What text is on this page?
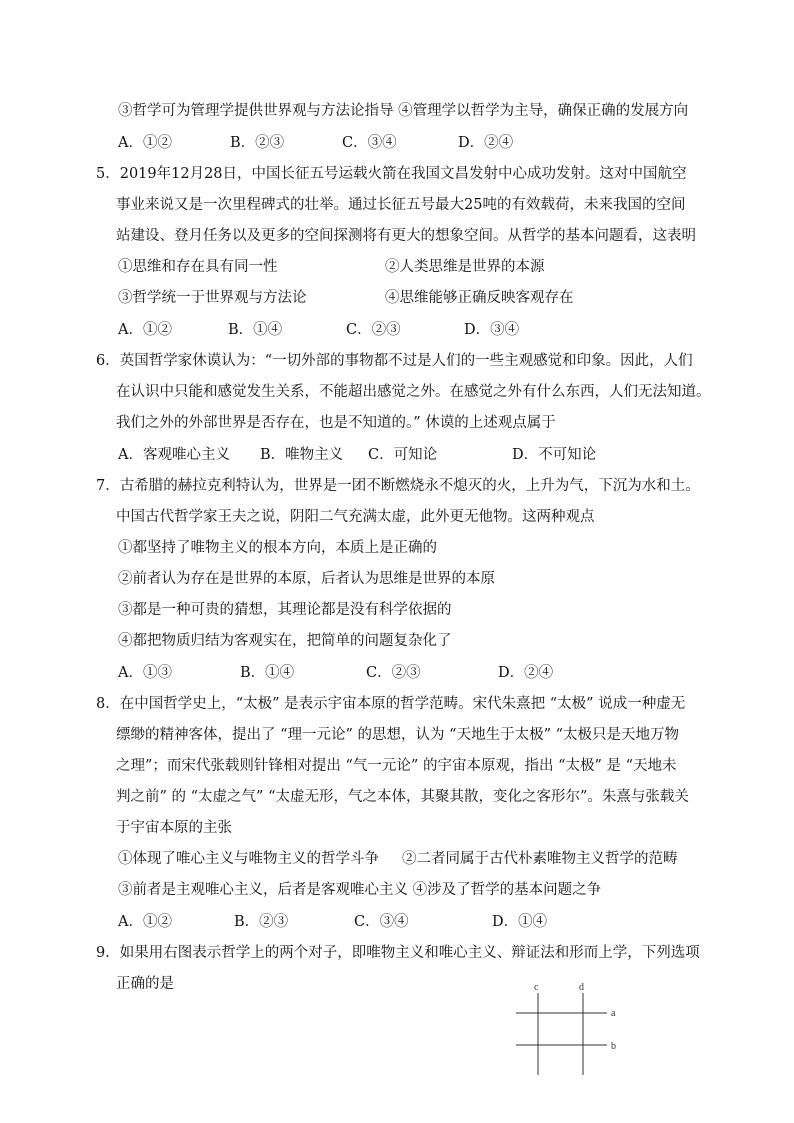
③哲学可为管理学提供世界观与方法论指导 ④管理学以哲学为主导，确保正确的发展方向
A．①②	B．②③	C．③④	D．②④
5．2019年12月28日，中国长征五号运载火箭在我国文昌发射中心成功发射。这对中国航空
事业来说又是一次里程碑式的壮举。通过长征五号最大25吨的有效载荷，未来我国的空间
站建设、登月任务以及更多的空间探测将有更大的想象空间。从哲学的基本问题看，这表明
①思维和存在具有同一性	②人类思维是世界的本源
③哲学统一于世界观与方法论	④思维能够正确反映客观存在
A．①②	B．①④	C．②③	D．③④
6．英国哲学家休谟认为：“一切外部的事物都不过是人们的一些主观感觉和印象。因此，人们
在认识中只能和感觉发生关系，不能超出感觉之外。在感觉之外有什么东西，人们无法知道。
我们之外的外部世界是否存在，也是不知道的。” 休谟的上述观点属于
A．客观唯心主义 B．唯物主义 C．可知论	D．不可知论
7．古希腊的赫拉克利特认为，世界是一团不断燃烧永不熄灭的火，上升为气，下沉为水和土。
中国古代哲学家王夫之说，阴阳二气充满太虚，此外更无他物。这两种观点
①都坚持了唯物主义的根本方向，本质上是正确的
②前者认为存在是世界的本原，后者认为思维是世界的本原
③都是一种可贵的猜想，其理论都是没有科学依据的
④都把物质归结为客观实在，把简单的问题复杂化了
A．①③	B．①④	C．②③	D．②④
8．在中国哲学史上，“太极” 是表示宇宙本原的哲学范畴。宋代朱熹把 “太极” 说成一种虚无
缥缈的精神客体，提出了 “理一元论” 的思想，认为 “天地生于太极” “太极只是天地万物
之理”；而宋代张载则针锋相对提出 “气一元论” 的宇宙本原观，指出 “太极” 是 “天地未
判之前” 的 “太虚之气” “太虚无形，气之本体，其聚其散，变化之客形尔”。朱熹与张载关
于宇宙本原的主张
①体现了唯心主义与唯物主义的哲学斗争 ②二者同属于古代朴素唯物主义哲学的范畴
③前者是主观唯心主义，后者是客观唯心主义 ④涉及了哲学的基本问题之争
A．①②	B．②③	C．③④	D．①④
9．如果用右图表示哲学上的两个对子，即唯物主义和唯心主义、辩证法和形而上学，下列选项
正确的是	c	d
a
b
